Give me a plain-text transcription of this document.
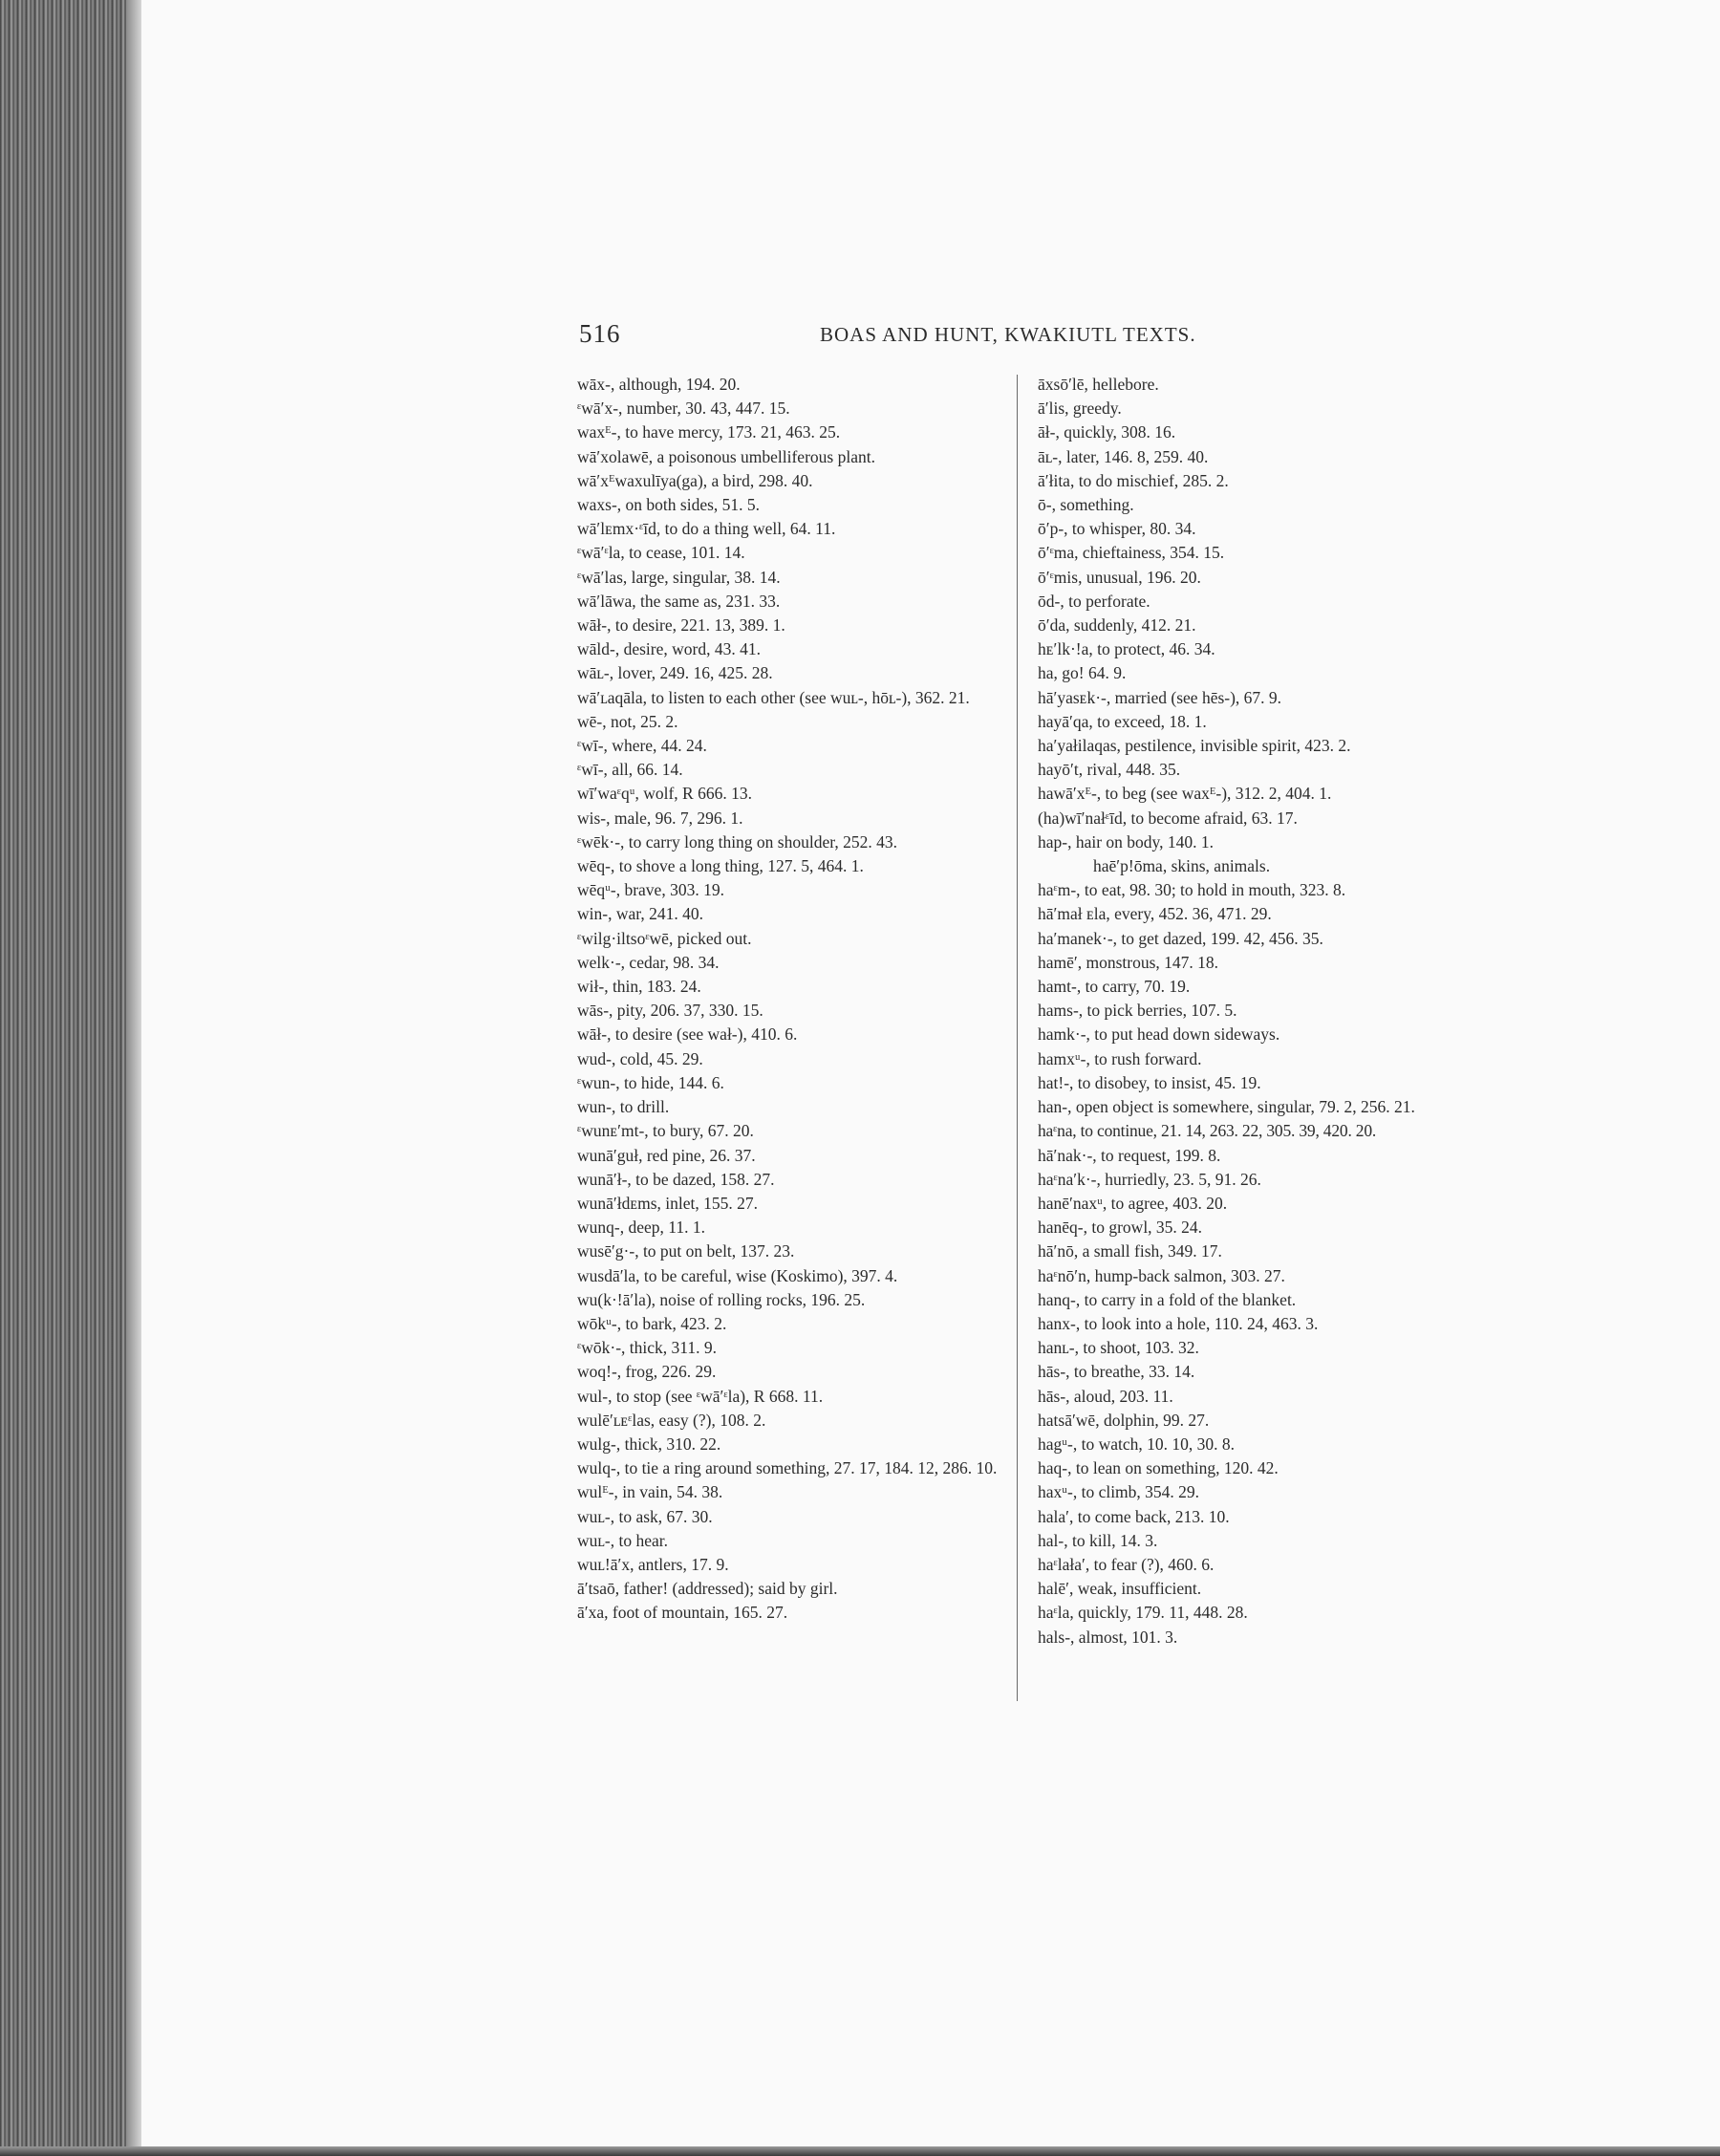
516	BOAS AND HUNT, KWAKIUTL TEXTS.

wāx-, although, 194. 20.

ᵋwā′x-, number, 30. 43, 447. 15.

waxᴱ-, to have mercy, 173. 21, 463. 25.

wā′xolawē, a poisonous umbelliferous plant.

wā′xᴱwaxulīya(ga), a bird, 298. 40.

waxs-, on both sides, 51. 5.

wā′lᴇmx·ᵋīd, to do a thing well, 64. 11.

ᵋwā′ᵋla, to cease, 101. 14.

ᵋwā′las, large, singular, 38. 14.

wā′lāwa, the same as, 231. 33.

wāł-, to desire, 221. 13, 389. 1.

wāld-, desire, word, 43. 41.

wāʟ-, lover, 249. 16, 425. 28.

wā′ʟaqāla, to listen to each other (see wuʟ-, hōʟ-), 362. 21.

wē-, not, 25. 2.

ᵋwī-, where, 44. 24.

ᵋwī-, all, 66. 14.

wī′waᵋqᵘ, wolf, R 666. 13.

wis-, male, 96. 7, 296. 1.

ᵋwēk·-, to carry long thing on shoulder, 252. 43.

wēq-, to shove a long thing, 127. 5, 464. 1.

wēqᵘ-, brave, 303. 19.

win-, war, 241. 40.

ᵋwilg·iltsoᵋwē, picked out.

welk·-, cedar, 98. 34.

wił-, thin, 183. 24.

wās-, pity, 206. 37, 330. 15.

wāł-, to desire (see wał-), 410. 6.

wud-, cold, 45. 29.

ᵋwun-, to hide, 144. 6.

wun-, to drill.

ᵋwunᴇ′mt-, to bury, 67. 20.

wunā′guł, red pine, 26. 37.

wunā′ł-, to be dazed, 158. 27.

wunā′łdᴇms, inlet, 155. 27.

wunq-, deep, 11. 1.

wusē′g·-, to put on belt, 137. 23.

wusdā′la, to be careful, wise (Koskimo), 397. 4.

wu(k·!ā′la), noise of rolling rocks, 196. 25.

wōkᵘ-, to bark, 423. 2.

ᵋwōk·-, thick, 311. 9.

woq!-, frog, 226. 29.

wul-, to stop (see ᵋwā′ᵋla), R 668. 11.

wulē′ʟᴇᵋlas, easy (?), 108. 2.

wulg-, thick, 310. 22.

wulq-, to tie a ring around something, 27. 17, 184. 12, 286. 10.

wulᴱ-, in vain, 54. 38.

wuʟ-, to ask, 67. 30.

wuʟ-, to hear.

wuʟ!ā′x, antlers, 17. 9.

ā′tsaō, father! (addressed); said by girl.

ā′xa, foot of mountain, 165. 27.

āxsō′lē, hellebore.

ā′lis, greedy.

āł-, quickly, 308. 16.

āʟ-, later, 146. 8, 259. 40.

ā′łita, to do mischief, 285. 2.

ō-, something.

ō′p-, to whisper, 80. 34.

ō′ᵋma, chieftainess, 354. 15.

ō′ᵋmis, unusual, 196. 20.

ōd-, to perforate.

ō′da, suddenly, 412. 21.

hᴇ′lk·!a, to protect, 46. 34.

ha, go! 64. 9.

hā′yasᴇk·-, married (see hēs-), 67. 9.

hayā′qa, to exceed, 18. 1.

ha′yałilaqas, pestilence, invisible spirit, 423. 2.

hayō′t, rival, 448. 35.

hawā′xᴱ-, to beg (see waxᴱ-), 312. 2, 404. 1.

(ha)wī′nałᵋīd, to become afraid, 63. 17.

hap-, hair on body, 140. 1.

haē′p!ōma, skins, animals.

haᵋm-, to eat, 98. 30; to hold in mouth, 323. 8.

hā′mał ᴇla, every, 452. 36, 471. 29.

ha′manek·-, to get dazed, 199. 42, 456. 35.

hamē′, monstrous, 147. 18.

hamt-, to carry, 70. 19.

hams-, to pick berries, 107. 5.

hamk·-, to put head down sideways.

hamxᵘ-, to rush forward.

hat!-, to disobey, to insist, 45. 19.

han-, open object is somewhere, singular, 79. 2, 256. 21.

haᵋna, to continue, 21. 14, 263. 22, 305. 39, 420. 20.

hā′nak·-, to request, 199. 8.

haᵋna′k·-, hurriedly, 23. 5, 91. 26.

hanē′naxᵘ, to agree, 403. 20.

hanēq-, to growl, 35. 24.

hā′nō, a small fish, 349. 17.

haᵋnō′n, hump-back salmon, 303. 27.

hanq-, to carry in a fold of the blanket.

hanx-, to look into a hole, 110. 24, 463. 3.

hanʟ-, to shoot, 103. 32.

hās-, to breathe, 33. 14.

hās-, aloud, 203. 11.

hatsā′wē, dolphin, 99. 27.

hagᵘ-, to watch, 10. 10, 30. 8.

haq-, to lean on something, 120. 42.

haxᵘ-, to climb, 354. 29.

hala′, to come back, 213. 10.

hal-, to kill, 14. 3.

haᵋlała′, to fear (?), 460. 6.

halē′, weak, insufficient.

haᵋla, quickly, 179. 11, 448. 28.

hals-, almost, 101. 3.
